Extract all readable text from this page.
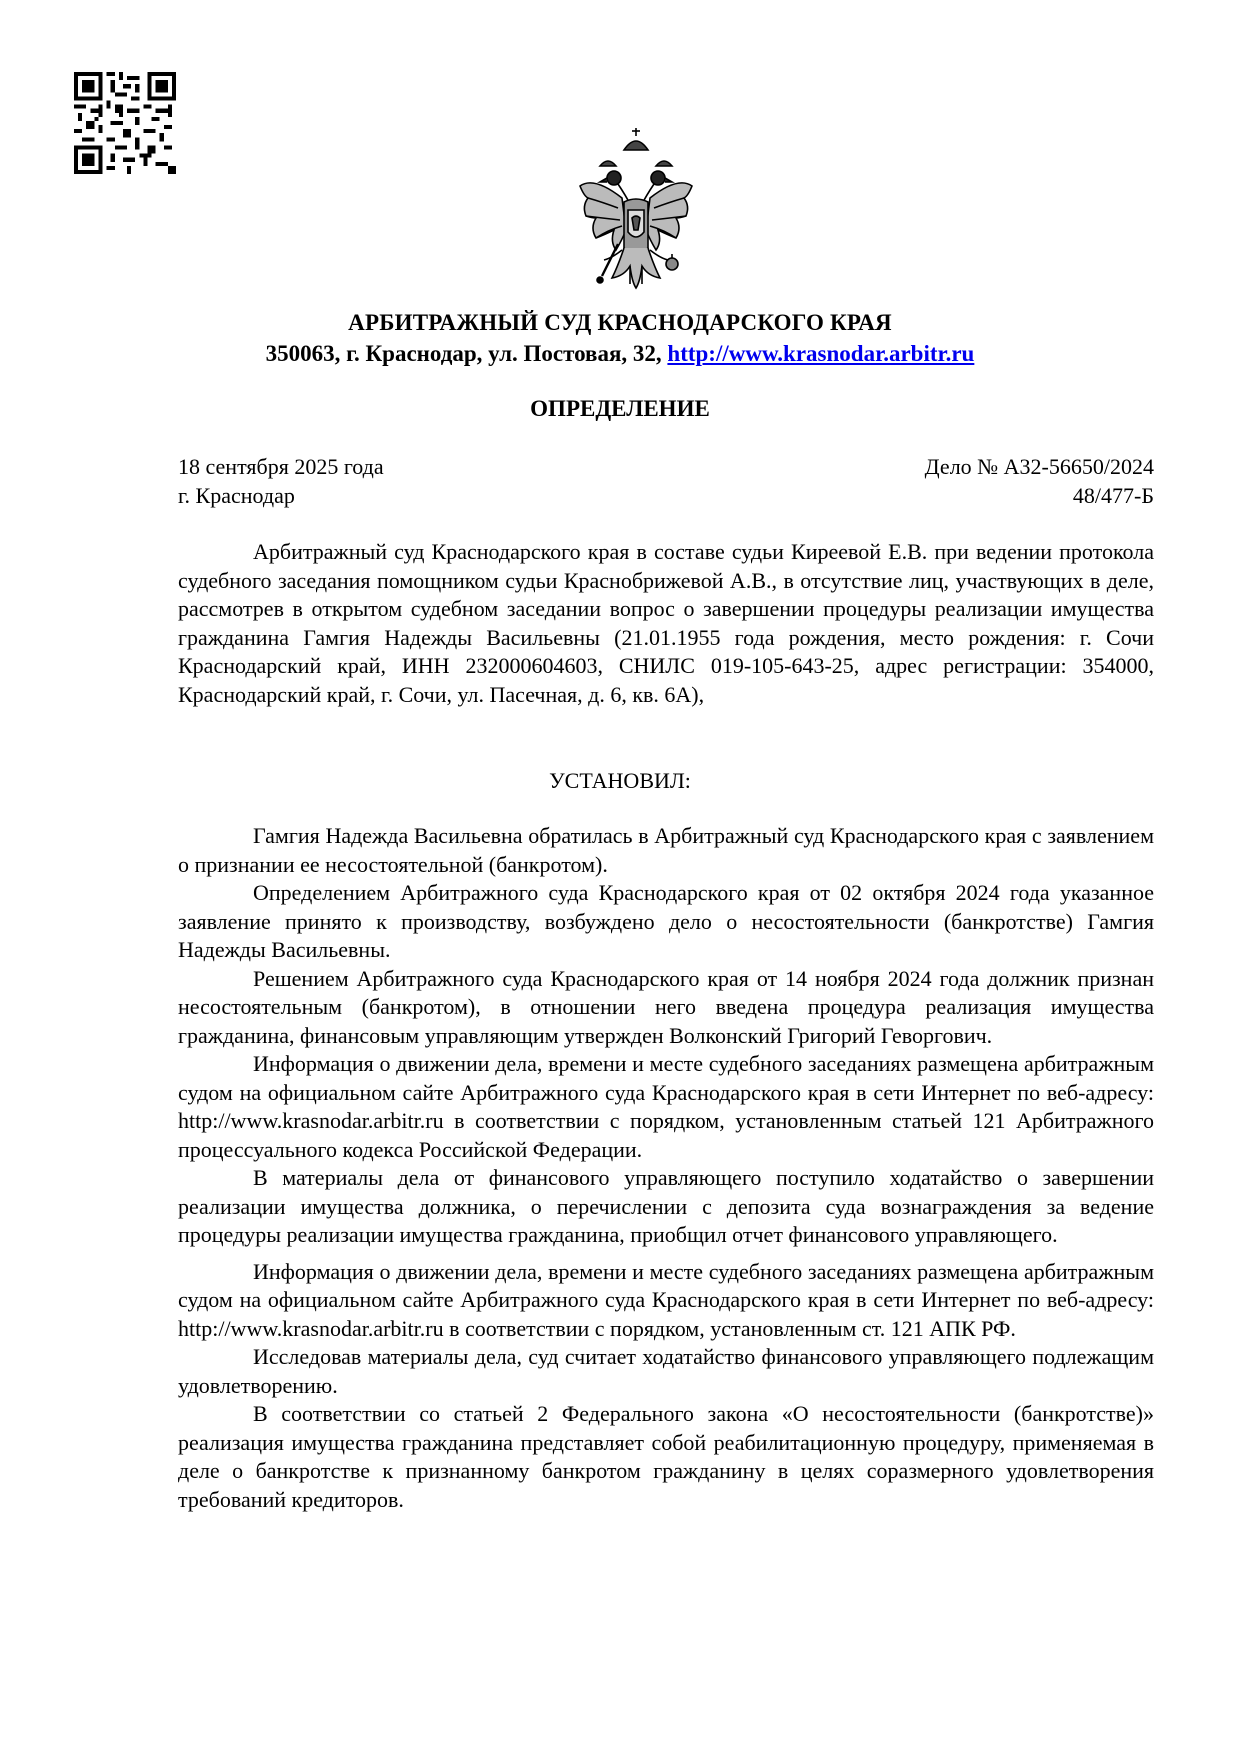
АРБИТРАЖНЫЙ СУД КРАСНОДАРСКОГО КРАЯ
350063, г. Краснодар, ул. Постовая, 32, http://www.krasnodar.arbitr.ru
ОПРЕДЕЛЕНИЕ
18 сентября 2025 года
г. Краснодар
Дело № А32-56650/2024
48/477-Б

Арбитражный суд Краснодарского края в составе судьи Киреевой Е.В. при ведении протокола судебного заседания помощником судьи Краснобрижевой А.В., в отсутствие лиц, участвующих в деле, рассмотрев в открытом судебном заседании вопрос о завершении процедуры реализации имущества гражданина Гамгия Надежды Васильевны (21.01.1955 года рождения, место рождения: г. Сочи Краснодарский край, ИНН 232000604603, СНИЛС 019-105-643-25, адрес регистрации: 354000, Краснодарский край, г. Сочи, ул. Пасечная, д. 6, кв. 6А),

УСТАНОВИЛ:

Гамгия Надежда Васильевна обратилась в Арбитражный суд Краснодарского края с заявлением о признании ее несостоятельной (банкротом).

Определением Арбитражного суда Краснодарского края от 02 октября 2024 года указанное заявление принято к производству, возбуждено дело о несостоятельности (банкротстве) Гамгия Надежды Васильевны.

Решением Арбитражного суда Краснодарского края от 14 ноября 2024 года должник признан несостоятельным (банкротом), в отношении него введена процедура реализация имущества гражданина, финансовым управляющим утвержден Волконский Григорий Геворгович.

Информация о движении дела, времени и месте судебного заседаниях размещена арбитражным судом на официальном сайте Арбитражного суда Краснодарского края в сети Интернет по веб-адресу: http://www.krasnodar.arbitr.ru в соответствии с порядком, установленным статьей 121 Арбитражного процессуального кодекса Российской Федерации.

В материалы дела от финансового управляющего поступило ходатайство о завершении реализации имущества должника, о перечислении с депозита суда вознаграждения за ведение процедуры реализации имущества гражданина, приобщил отчет финансового управляющего.

Информация о движении дела, времени и месте судебного заседаниях размещена арбитражным судом на официальном сайте Арбитражного суда Краснодарского края в сети Интернет по веб-адресу: http://www.krasnodar.arbitr.ru в соответствии с порядком, установленным ст. 121 АПК РФ.

Исследовав материалы дела, суд считает ходатайство финансового управляющего подлежащим удовлетворению.

В соответствии со статьей 2 Федерального закона «О несостоятельности (банкротстве)» реализация имущества гражданина представляет собой реабилитационную процедуру, применяемая в деле о банкротстве к признанному банкротом гражданину в целях соразмерного удовлетворения требований кредиторов.
